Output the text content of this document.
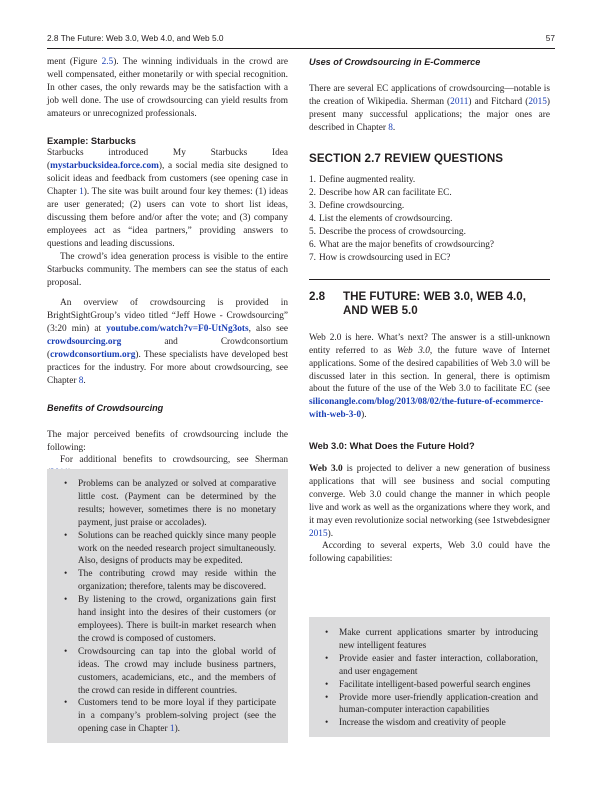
2.8 The Future: Web 3.0, Web 4.0, and Web 5.0	57

ment (Figure 2.5). The winning individuals in the crowd are well compensated, either monetarily or with special recognition. In other cases, the only rewards may be the satisfaction with a job well done. The use of crowdsourcing can yield results from amateurs or unrecognized professionals.

Example: Starbucks

Starbucks introduced My Starbucks Idea (mystarbucksidea.force.com), a social media site designed to solicit ideas and feedback from customers (see opening case in Chapter 1). The site was built around four key themes: (1) ideas are user generated; (2) users can vote to short list ideas, discussing them before and/or after the vote; and (3) company employees act as “idea partners,” providing answers to questions and leading discussions.

The crowd’s idea generation process is visible to the entire Starbucks community. The members can see the status of each proposal.

An overview of crowdsourcing is provided in BrightSightGroup’s video titled “Jeff Howe - Crowdsourcing” (3:20 min) at youtube.com/watch?v=F0-UtNg3ots, also see crowdsourcing.org and Crowdconsortium (crowdconsortium.org). These specialists have developed best practices for the industry. For more about crowdsourcing, see Chapter 8.

Benefits of Crowdsourcing

The major perceived benefits of crowdsourcing include the following:

For additional benefits to crowdsourcing, see Sherman

• Problems can be analyzed or solved at comparative little cost. (Payment can be determined by the results; however, sometimes there is no monetary payment, just praise or accolades).
• Solutions can be reached quickly since many people work on the needed research project simultaneously. Also, designs of products may be expedited.
• The contributing crowd may reside within the organization; therefore, talents may be discovered.
• By listening to the crowd, organizations gain first hand insight into the desires of their customers (or employees). There is built-in market research when the crowd is composed of customers.
• Crowdsourcing can tap into the global world of ideas. The crowd may include business partners, customers, academicians, etc., and the members of the crowd can reside in different countries.
• Customers tend to be more loyal if they participate in a company’s problem-solving project (see the opening case in Chapter 1).
Uses of Crowdsourcing in E-Commerce

There are several EC applications of crowdsourcing—notable is the creation of Wikipedia. Sherman (2011) and Fitchard (2015) present many successful applications; the major ones are described in Chapter 8.

SECTION 2.7 REVIEW QUESTIONS
1. Define augmented reality.
2. Describe how AR can facilitate EC.
3. Define crowdsourcing.
4. List the elements of crowdsourcing.
5. Describe the process of crowdsourcing.
6. What are the major benefits of crowdsourcing?
7. How is crowdsourcing used in EC?
2.8 THE FUTURE: WEB 3.0, WEB 4.0,
AND WEB 5.0

Web 2.0 is here. What’s next? The answer is a still-unknown entity referred to as Web 3.0, the future wave of Internet applications. Some of the desired capabilities of Web 3.0 will be discussed later in this section. In general, there is optimism about the future of the use of the Web 3.0 to facilitate EC (see siliconangle.com/blog/2013/08/02/the-future-of-ecommerce-with-web-3-0).

Web 3.0: What Does the Future Hold?

Web 3.0 is projected to deliver a new generation of business applications that will see business and social computing converge. Web 3.0 could change the manner in which people live and work as well as the organizations where they work, and it may even revolutionize social networking (see 1stwebdesigner 2015).

According to several experts, Web 3.0 could have the following capabilities:

• Make current applications smarter by introducing new intelligent features
• Provide easier and faster interaction, collaboration, and user engagement
• Facilitate intelligent-based powerful search engines
• Provide more user-friendly application-creation and human-computer interaction capabilities
• Increase the wisdom and creativity of people
